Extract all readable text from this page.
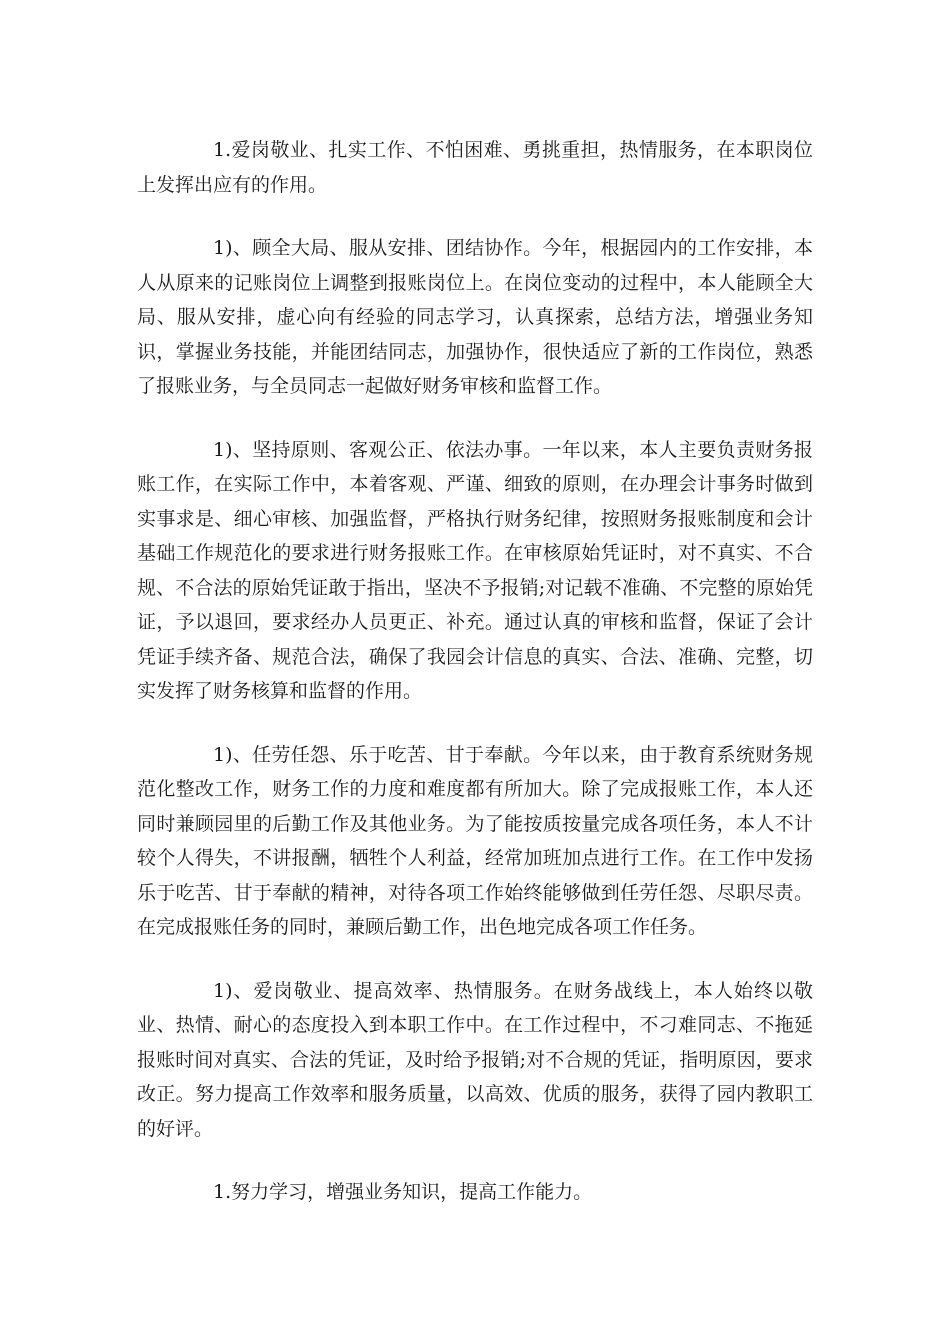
1.爱岗敬业、扎实工作、不怕困难、勇挑重担，热情服务，在本职岗位上发挥出应有的作用。

1)、顾全大局、服从安排、团结协作。今年，根据园内的工作安排，本人从原来的记账岗位上调整到报账岗位上。在岗位变动的过程中，本人能顾全大局、服从安排，虚心向有经验的同志学习，认真探索，总结方法，增强业务知识，掌握业务技能，并能团结同志，加强协作，很快适应了新的工作岗位，熟悉了报账业务，与全员同志一起做好财务审核和监督工作。

1)、坚持原则、客观公正、依法办事。一年以来，本人主要负责财务报账工作，在实际工作中，本着客观、严谨、细致的原则，在办理会计事务时做到实事求是、细心审核、加强监督，严格执行财务纪律，按照财务报账制度和会计基础工作规范化的要求进行财务报账工作。在审核原始凭证时，对不真实、不合规、不合法的原始凭证敢于指出，坚决不予报销;对记载不准确、不完整的原始凭证，予以退回，要求经办人员更正、补充。通过认真的审核和监督，保证了会计凭证手续齐备、规范合法，确保了我园会计信息的真实、合法、准确、完整，切实发挥了财务核算和监督的作用。

1)、任劳任怨、乐于吃苦、甘于奉献。今年以来，由于教育系统财务规范化整改工作，财务工作的力度和难度都有所加大。除了完成报账工作，本人还同时兼顾园里的后勤工作及其他业务。为了能按质按量完成各项任务，本人不计较个人得失，不讲报酬，牺牲个人利益，经常加班加点进行工作。在工作中发扬乐于吃苦、甘于奉献的精神，对待各项工作始终能够做到任劳任怨、尽职尽责。在完成报账任务的同时，兼顾后勤工作，出色地完成各项工作任务。

1)、爱岗敬业、提高效率、热情服务。在财务战线上，本人始终以敬业、热情、耐心的态度投入到本职工作中。在工作过程中，不刁难同志、不拖延报账时间对真实、合法的凭证，及时给予报销;对不合规的凭证，指明原因，要求改正。努力提高工作效率和服务质量，以高效、优质的服务，获得了园内教职工的好评。

1.努力学习，增强业务知识，提高工作能力。
